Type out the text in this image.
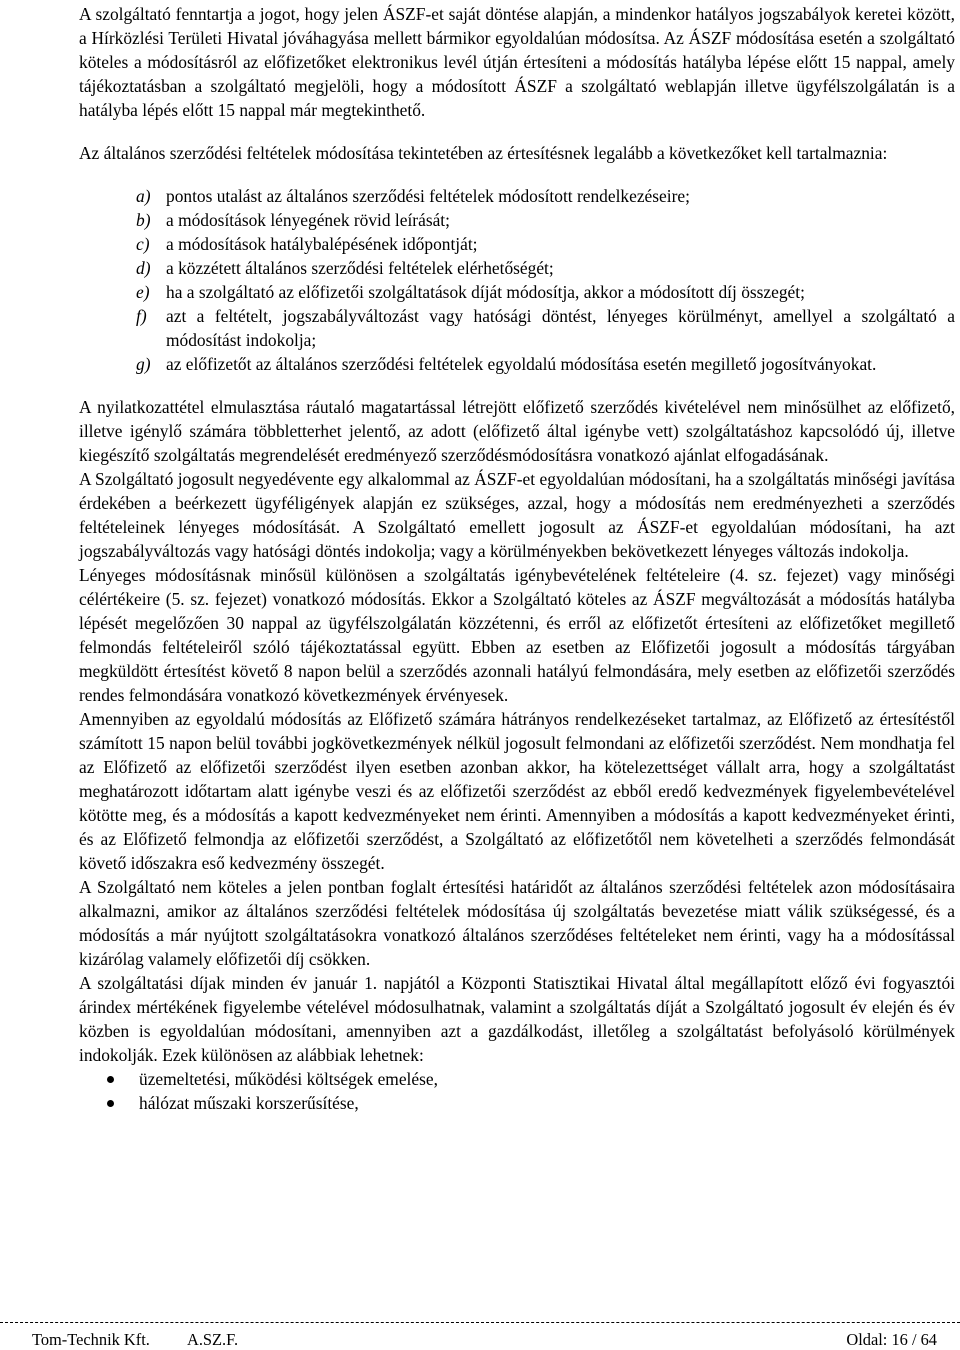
A szolgáltató fenntartja a jogot, hogy jelen ÁSZF-et saját döntése alapján, a mindenkor hatályos jogszabályok keretei között, a Hírközlési Területi Hivatal jóváhagyása mellett bármikor egyoldalúan módosítsa. Az ÁSZF módosítása esetén a szolgáltató köteles a módosításról az előfizetőket elektronikus levél útján értesíteni a módosítás hatályba lépése előtt 15 nappal, amely tájékoztatásban a szolgáltató megjelöli, hogy a módosított ÁSZF a szolgáltató weblapján illetve ügyfélszolgálatán is a hatályba lépés előtt 15 nappal már megtekinthető.

Az általános szerződési feltételek módosítása tekintetében az értesítésnek legalább a következőket kell tartalmaznia:

a) pontos utalást az általános szerződési feltételek módosított rendelkezéseire;
b) a módosítások lényegének rövid leírását;
c) a módosítások hatálybalépésének időpontját;
d) a közzétett általános szerződési feltételek elérhetőségét;
e) ha a szolgáltató az előfizetői szolgáltatások díját módosítja, akkor a módosított díj összegét;
f)	azt a feltételt, jogszabályváltozást vagy hatósági döntést, lényeges körülményt, amellyel a szolgáltató a módosítást indokolja;
g) az előfizetőt az általános szerződési feltételek egyoldalú módosítása esetén megillető jogosítványokat.

A nyilatkozattétel elmulasztása ráutaló magatartással létrejött előfizető szerződés kivételével nem minősülhet az előfizető, illetve igénylő számára többletterhet jelentő, az adott (előfizető által igénybe vett) szolgáltatáshoz kapcsolódó új, illetve kiegészítő szolgáltatás megrendelését eredményező szerződésmódosításra vonatkozó ajánlat elfogadásának.

A Szolgáltató jogosult negyedévente egy alkalommal az ÁSZF-et egyoldalúan módosítani, ha a szolgáltatás minőségi javítása érdekében a beérkezett ügyféligények alapján ez szükséges, azzal, hogy a módosítás nem eredményezheti a szerződés feltételeinek lényeges módosítását. A Szolgáltató emellett jogosult az ÁSZF-et egyoldalúan módosítani, ha azt jogszabályváltozás vagy hatósági döntés indokolja; vagy a körülményekben bekövetkezett lényeges változás indokolja.

Lényeges módosításnak minősül különösen a szolgáltatás igénybevételének feltételeire (4. sz. fejezet) vagy minőségi célértékeire (5. sz. fejezet) vonatkozó módosítás. Ekkor a Szolgáltató köteles az ÁSZF megváltozását a módosítás hatályba lépését megelőzően 30 nappal az ügyfélszolgálatán közzétenni, és erről az előfizetőt értesíteni az előfizetőket megillető felmondás feltételeiről szóló tájékoztatással együtt. Ebben az esetben az Előfizetői jogosult a módosítás tárgyában megküldött értesítést követő 8 napon belül a szerződés azonnali hatályú felmondására, mely esetben az előfizetői szerződés rendes felmondására vonatkozó következmények érvényesek.

Amennyiben az egyoldalú módosítás az Előfizető számára hátrányos rendelkezéseket tartalmaz, az Előfizető az értesítéstől számított 15 napon belül további jogkövetkezmények nélkül jogosult felmondani az előfizetői szerződést. Nem mondhatja fel az Előfizető az előfizetői szerződést ilyen esetben azonban akkor, ha kötelezettséget vállalt arra, hogy a szolgáltatást meghatározott időtartam alatt igénybe veszi és az előfizetői szerződést az ebből eredő kedvezmények figyelembevételével kötötte meg, és a módosítás a kapott kedvezményeket nem érinti. Amennyiben a módosítás a kapott kedvezményeket érinti, és az Előfizető felmondja az előfizetői szerződést, a Szolgáltató az előfizetőtől nem követelheti a szerződés felmondását követő időszakra eső kedvezmény összegét.

A Szolgáltató nem köteles a jelen pontban foglalt értesítési határidőt az általános szerződési feltételek azon módosításaira alkalmazni, amikor az általános szerződési feltételek módosítása új szolgáltatás bevezetése miatt válik szükségessé, és a módosítás a már nyújtott szolgáltatásokra vonatkozó általános szerződéses feltételeket nem érinti, vagy ha a módosítással kizárólag valamely előfizetői díj csökken.

A szolgáltatási díjak minden év január 1. napjától a Központi Statisztikai Hivatal által megállapított előző évi fogyasztói árindex mértékének figyelembe vételével módosulhatnak, valamint a szolgáltatás díját a Szolgáltató jogosult év elején és év közben is egyoldalúan módosítani, amennyiben azt a gazdálkodást, illetőleg a szolgáltatást befolyásoló körülmények indokolják. Ezek különösen az alábbiak lehetnek:

üzemeltetési, működési költségek emelése,
hálózat műszaki korszerűsítése,
Tom-Technik Kft. A.SZ.F.	Oldal: 16 / 64
